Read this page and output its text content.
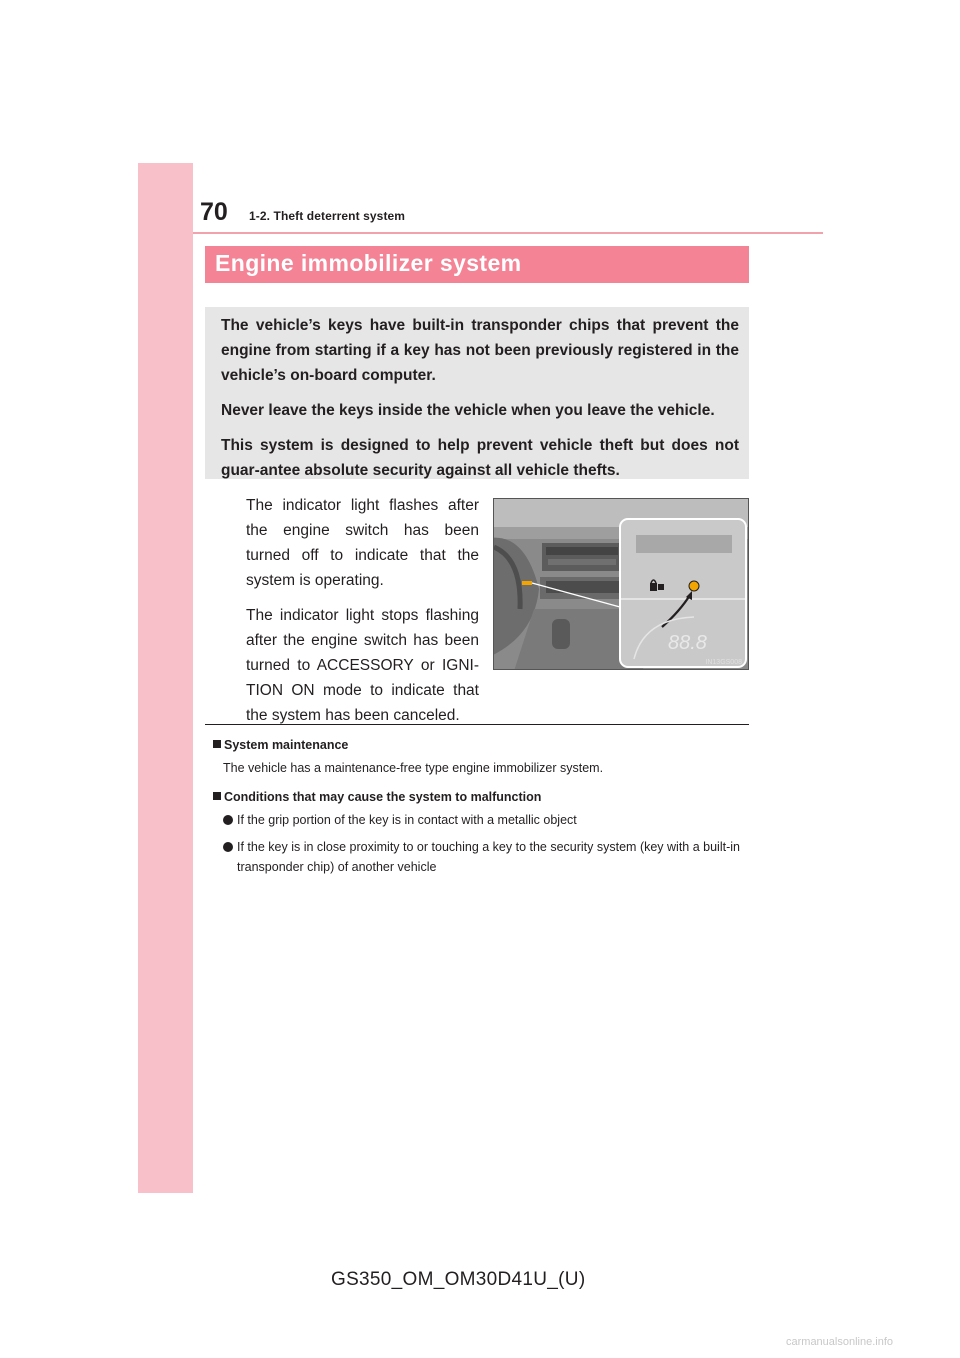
70 1-2. Theft deterrent system
Engine immobilizer system

The vehicle’s keys have built-in transponder chips that prevent the engine from starting if a key has not been previously registered in the vehicle’s on-board computer.

Never leave the keys inside the vehicle when you leave the vehicle.

This system is designed to help prevent vehicle theft but does not guar-antee absolute security against all vehicle thefts.

The indicator light flashes after the engine switch has been turned off to indicate that the system is operating.

The indicator light stops flashing after the engine switch has been turned to ACCESSORY or IGNI-TION ON mode to indicate that the system has been canceled.

88.8
IN13GS008
System maintenance
The vehicle has a maintenance-free type engine immobilizer system.
Conditions that may cause the system to malfunction
If the grip portion of the key is in contact with a metallic object
If the key is in close proximity to or touching a key to the security system (key with a built-in transponder chip) of another vehicle
GS350_OM_OM30D41U_(U)
carmanualsonline.info
